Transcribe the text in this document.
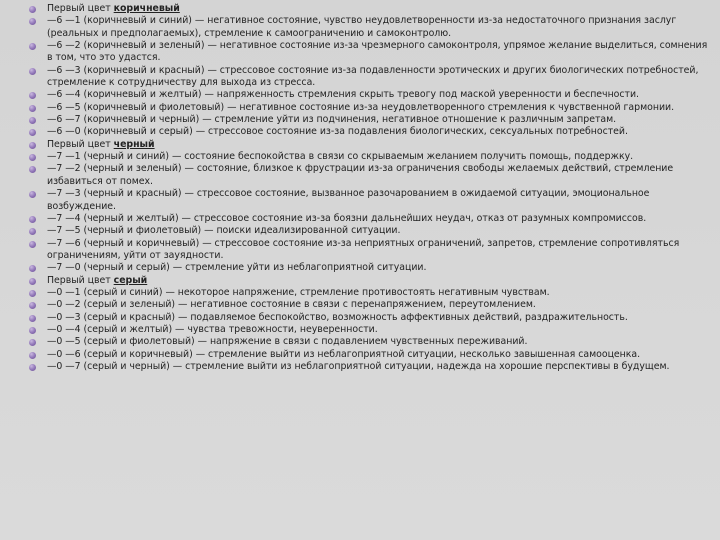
Первый цвет коричневый
—6 —1 (коричневый и синий) — негативное состояние, чувство неудовлетворенности из-за недостаточного признания заслуг (реальных и предполагаемых), стремление к самоограничению и самоконтролю.
—6 —2 (коричневый и зеленый) — негативное состояние из-за чрезмерного самоконтроля, упрямое желание выделиться, сомнения в том, что это удастся.
—6 —3 (коричневый и красный) — стрессовое состояние из-за подавленности эротических и других биологических потребностей, стремление к сотрудничеству для выхода из стресса.
—6 —4 (коричневый и желтый) — напряженность стремления скрыть тревогу под маской уверенности и беспечности.
—6 —5 (коричневый и фиолетовый) — негативное состояние из-за неудовлетворенного стремления к чувственной гармонии.
—6 —7 (коричневый и черный) — стремление уйти из подчинения, негативное отношение к различным запретам.
—6 —0 (коричневый и серый) — стрессовое состояние из-за подавления биологических, сексуальных потребностей.
Первый цвет черный
—7 —1 (черный и синий) — состояние беспокойства в связи со скрываемым желанием получить помощь, поддержку.
—7 —2 (черный и зеленый) — состояние, близкое к фрустрации из-за ограничения свободы желаемых действий, стремление избавиться от помех.
—7 —3 (черный и красный) — стрессовое состояние, вызванное разочарованием в ожидаемой ситуации, эмоциональное возбуждение.
—7 —4 (черный и желтый) — стрессовое состояние из-за боязни дальнейших неудач, отказ от разумных компромиссов.
—7 —5 (черный и фиолетовый) — поиски идеализированной ситуации.
—7 —6 (черный и коричневый) — стрессовое состояние из-за неприятных ограничений, запретов, стремление сопротивляться ограничениям, уйти от зауядности.
—7 —0 (черный и серый) — стремление уйти из неблагоприятной ситуации.
Первый цвет серый
—0 —1 (серый и синий) — некоторое напряжение, стремление противостоять негативным чувствам.
—0 —2 (серый и зеленый) — негативное состояние в связи с перенапряжением, переутомлением.
—0 —3 (серый и красный) — подавляемое беспокойство, возможность аффективных действий, раздражительность.
—0 —4 (серый и желтый) — чувства тревожности, неуверенности.
—0 —5 (серый и фиолетовый) — напряжение в связи с подавлением чувственных переживаний.
—0 —6 (серый и коричневый) — стремление выйти из неблагоприятной ситуации, несколько завышенная самооценка.
—0 —7 (серый и черный) — стремление выйти из неблагоприятной ситуации, надежда на хорошие перспективы в будущем.
